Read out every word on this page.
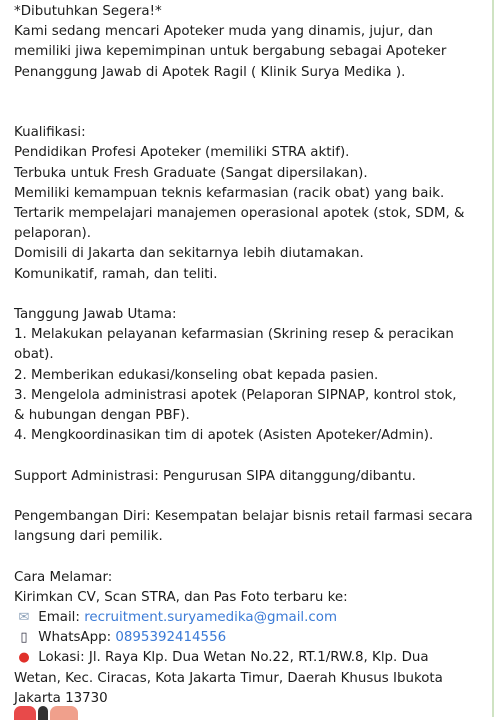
*Dibutuhkan Segera!*
Kami sedang mencari Apoteker muda yang dinamis, jujur, dan
memiliki jiwa kepemimpinan untuk bergabung sebagai Apoteker
Penanggung Jawab di Apotek Ragil ( Klinik Surya Medika ).
Kualifikasi:
Pendidikan Profesi Apoteker (memiliki STRA aktif).
Terbuka untuk Fresh Graduate (Sangat dipersilakan).
Memiliki kemampuan teknis kefarmasian (racik obat) yang baik.
Tertarik mempelajari manajemen operasional apotek (stok, SDM, &
pelaporan).
Domisili di Jakarta dan sekitarnya lebih diutamakan.
Komunikatif, ramah, dan teliti.
Tanggung Jawab Utama:
1. Melakukan pelayanan kefarmasian (Skrining resep & peracikan
obat).
2. Memberikan edukasi/konseling obat kepada pasien.
3. Mengelola administrasi apotek (Pelaporan SIPNAP, kontrol stok,
& hubungan dengan PBF).
4. Mengkoordinasikan tim di apotek (Asisten Apoteker/Admin).
Support Administrasi: Pengurusan SIPA ditanggung/dibantu.
Pengembangan Diri: Kesempatan belajar bisnis retail farmasi secara
langsung dari pemilik.
Cara Melamar:
Kirimkan CV, Scan STRA, dan Pas Foto terbaru ke:
✉ Email: recruitment.suryamedika@gmail.com
▯ WhatsApp: 0895392414556
● Lokasi: Jl. Raya Klp. Dua Wetan No.22, RT.1/RW.8, Klp. Dua
Wetan, Kec. Ciracas, Kota Jakarta Timur, Daerah Khusus Ibukota
Jakarta 13730
